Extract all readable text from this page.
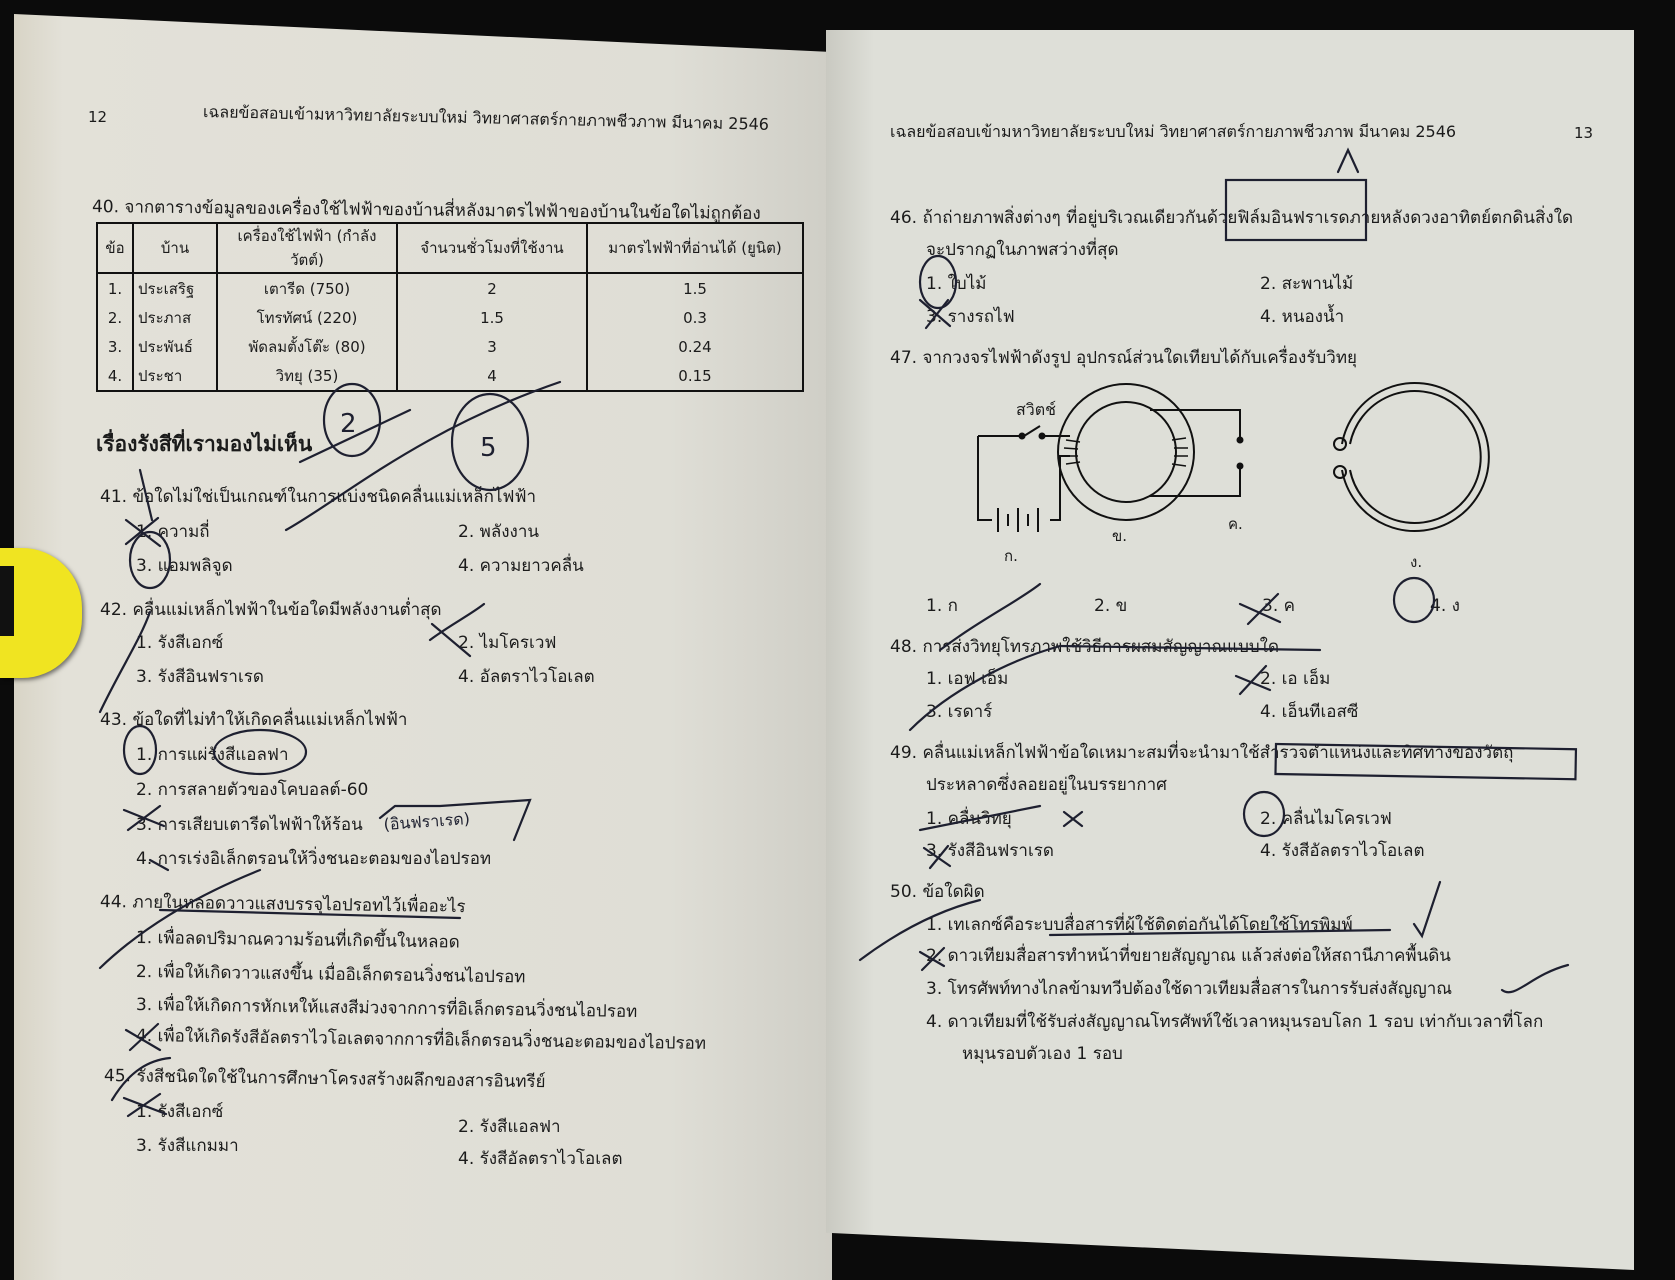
12	เฉลยข้อสอบเข้ามหาวิทยาลัยระบบใหม่ วิทยาศาสตร์กายภาพชีวภาพ มีนาคม 2546
40. จากตารางข้อมูลของเครื่องใช้ไฟฟ้าของบ้านสี่หลังมาตรไฟฟ้าของบ้านในข้อใดไม่ถูกต้อง
ข้อ	บ้าน	เครื่องใช้ไฟฟ้า (กำลังวัตต์)	จำนวนชั่วโมงที่ใช้งาน	มาตรไฟฟ้าที่อ่านได้ (ยูนิต)
1.	ประเสริฐ	เตารีด (750)	2	1.5
2.	ประภาส	โทรทัศน์ (220)	1.5	0.3
3.	ประพันธ์	พัดลมตั้งโต๊ะ (80)	3	0.24
4.	ประชา	วิทยุ (35)	4	0.15
เรื่องรังสีที่เรามองไม่เห็น
41. ข้อใดไม่ใช่เป็นเกณฑ์ในการแบ่งชนิดคลื่นแม่เหล็กไฟฟ้า
1. ความถี่	2. พลังงาน
3. แอมพลิจูด	4. ความยาวคลื่น
42. คลื่นแม่เหล็กไฟฟ้าในข้อใดมีพลังงานต่ำสุด
1. รังสีเอกซ์	2. ไมโครเวฟ
3. รังสีอินฟราเรด	4. อัลตราไวโอเลต
43. ข้อใดที่ไม่ทำให้เกิดคลื่นแม่เหล็กไฟฟ้า
1. การแผ่รังสีแอลฟา
2. การสลายตัวของโคบอลต์-60
3. การเสียบเตารีดไฟฟ้าให้ร้อน
4. การเร่งอิเล็กตรอนให้วิ่งชนอะตอมของไอปรอท
44. ภายในหลอดวาวแสงบรรจุไอปรอทไว้เพื่ออะไร
1. เพื่อลดปริมาณความร้อนที่เกิดขึ้นในหลอด
2. เพื่อให้เกิดวาวแสงขึ้น เมื่ออิเล็กตรอนวิ่งชนไอปรอท
3. เพื่อให้เกิดการหักเหให้แสงสีม่วงจากการที่อิเล็กตรอนวิ่งชนไอปรอท
4. เพื่อให้เกิดรังสีอัลตราไวโอเลตจากการที่อิเล็กตรอนวิ่งชนอะตอมของไอปรอท
45. รังสีชนิดใดใช้ในการศึกษาโครงสร้างผลึกของสารอินทรีย์
1. รังสีเอกซ์
2. รังสีแอลฟา
3. รังสีแกมมา
4. รังสีอัลตราไวโอเลต
เฉลยข้อสอบเข้ามหาวิทยาลัยระบบใหม่ วิทยาศาสตร์กายภาพชีวภาพ มีนาคม 2546	13
46. ถ้าถ่ายภาพสิ่งต่างๆ ที่อยู่บริเวณเดียวกันด้วยฟิล์มอินฟราเรดภายหลังดวงอาทิตย์ตกดินสิ่งใด
จะปรากฏในภาพสว่างที่สุด
1. ใบไม้	2. สะพานไม้
3. รางรถไฟ	4. หนองน้ำ
47. จากวงจรไฟฟ้าดังรูป อุปกรณ์ส่วนใดเทียบได้กับเครื่องรับวิทยุ
สวิตช์
ก.
ข.
ค.
ง.
1. ก	2. ข	3. ค	4. ง
48. การส่งวิทยุโทรภาพใช้วิธีการผสมสัญญาณแบบใด
1. เอฟ เอ็ม	2. เอ เอ็ม
3. เรดาร์	4. เอ็นทีเอสซี
49. คลื่นแม่เหล็กไฟฟ้าข้อใดเหมาะสมที่จะนำมาใช้สำรวจตำแหน่งและทิศทางของวัตถุ
ประหลาดซึ่งลอยอยู่ในบรรยากาศ
1. คลื่นวิทยุ	2. คลื่นไมโครเวฟ
3. รังสีอินฟราเรด	4. รังสีอัลตราไวโอเลต
50. ข้อใดผิด
1. เทเลกซ์คือระบบสื่อสารที่ผู้ใช้ติดต่อกันได้โดยใช้โทรพิมพ์
2. ดาวเทียมสื่อสารทำหน้าที่ขยายสัญญาณ แล้วส่งต่อให้สถานีภาคพื้นดิน
3. โทรศัพท์ทางไกลข้ามทวีปต้องใช้ดาวเทียมสื่อสารในการรับส่งสัญญาณ
4. ดาวเทียมที่ใช้รับส่งสัญญาณโทรศัพท์ใช้เวลาหมุนรอบโลก 1 รอบ เท่ากับเวลาที่โลก
หมุนรอบตัวเอง 1 รอบ
2
5
(อินฟราเรด)
